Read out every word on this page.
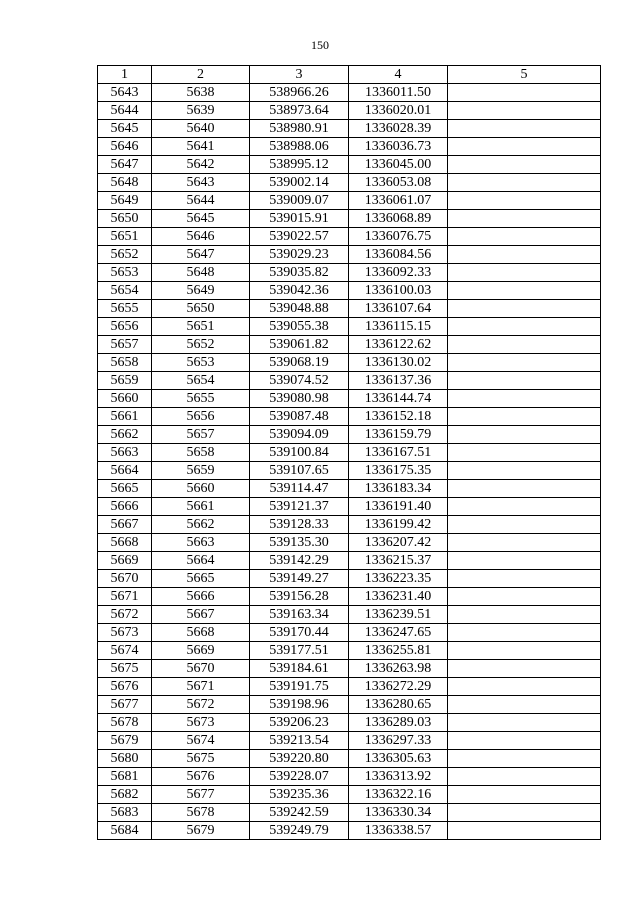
150
1	2	3	4	5
5643	5638	538966.26	1336011.50	
5644	5639	538973.64	1336020.01	
5645	5640	538980.91	1336028.39	
5646	5641	538988.06	1336036.73	
5647	5642	538995.12	1336045.00	
5648	5643	539002.14	1336053.08	
5649	5644	539009.07	1336061.07	
5650	5645	539015.91	1336068.89	
5651	5646	539022.57	1336076.75	
5652	5647	539029.23	1336084.56	
5653	5648	539035.82	1336092.33	
5654	5649	539042.36	1336100.03	
5655	5650	539048.88	1336107.64	
5656	5651	539055.38	1336115.15	
5657	5652	539061.82	1336122.62	
5658	5653	539068.19	1336130.02	
5659	5654	539074.52	1336137.36	
5660	5655	539080.98	1336144.74	
5661	5656	539087.48	1336152.18	
5662	5657	539094.09	1336159.79	
5663	5658	539100.84	1336167.51	
5664	5659	539107.65	1336175.35	
5665	5660	539114.47	1336183.34	
5666	5661	539121.37	1336191.40	
5667	5662	539128.33	1336199.42	
5668	5663	539135.30	1336207.42	
5669	5664	539142.29	1336215.37	
5670	5665	539149.27	1336223.35	
5671	5666	539156.28	1336231.40	
5672	5667	539163.34	1336239.51	
5673	5668	539170.44	1336247.65	
5674	5669	539177.51	1336255.81	
5675	5670	539184.61	1336263.98	
5676	5671	539191.75	1336272.29	
5677	5672	539198.96	1336280.65	
5678	5673	539206.23	1336289.03	
5679	5674	539213.54	1336297.33	
5680	5675	539220.80	1336305.63	
5681	5676	539228.07	1336313.92	
5682	5677	539235.36	1336322.16	
5683	5678	539242.59	1336330.34	
5684	5679	539249.79	1336338.57	
